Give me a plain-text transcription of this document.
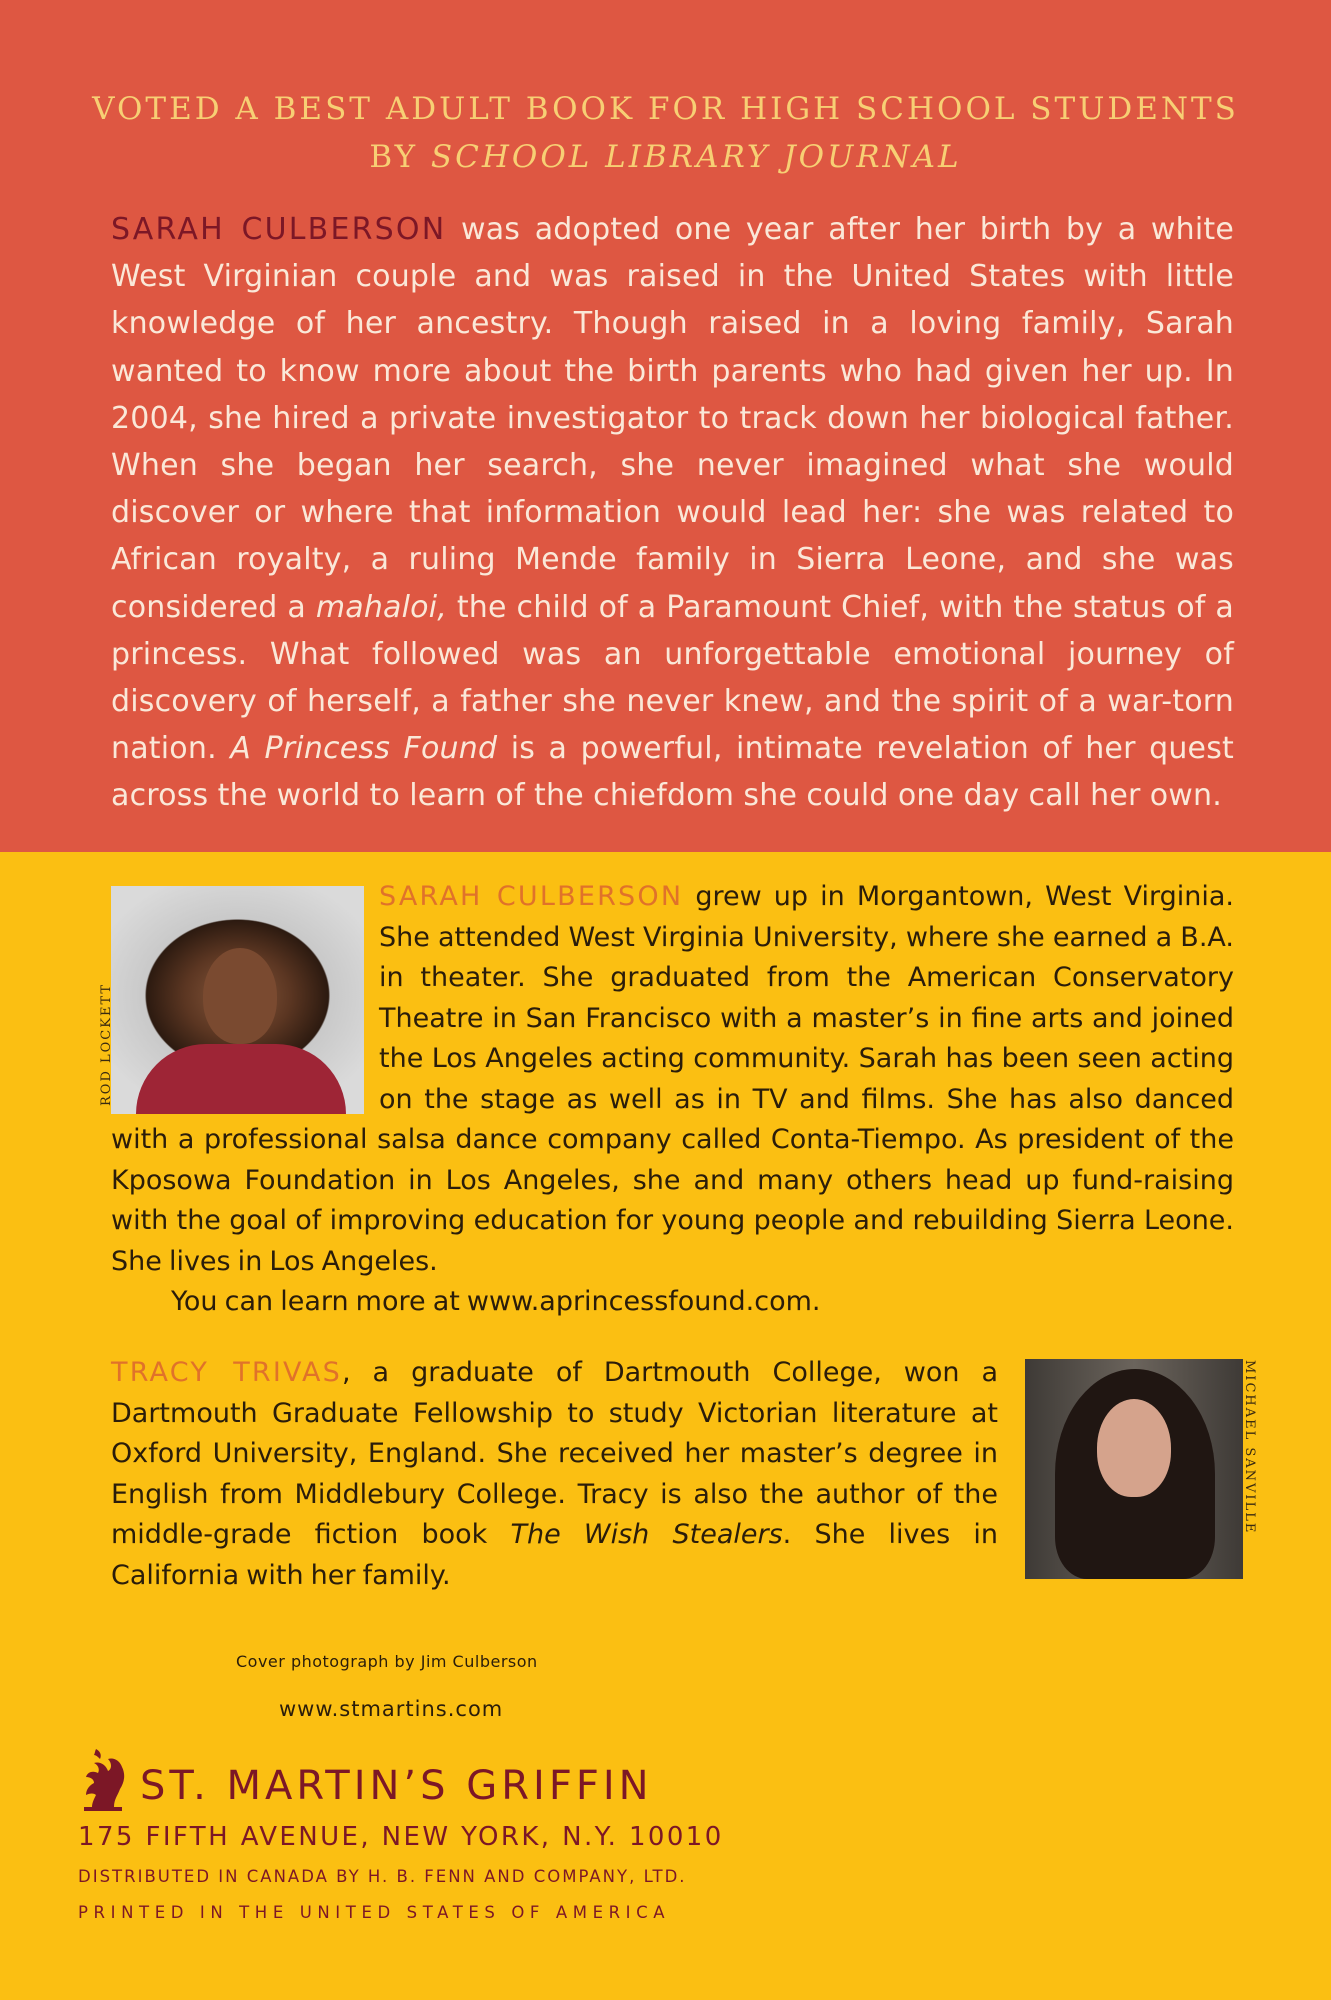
VOTED A BEST ADULT BOOK FOR HIGH SCHOOL STUDENTS
BY SCHOOL LIBRARY JOURNAL
SARAH CULBERSON was adopted one year after her birth by a white West Virginian couple and was raised in the United States with little knowledge of her ancestry. Though raised in a loving family, Sarah wanted to know more about the birth parents who had given her up. In 2004, she hired a private investigator to track down her biological father. When she began her search, she never imagined what she would discover or where that information would lead her: she was related to African royalty, a ruling Mende family in Sierra Leone, and she was considered a mahaloi, the child of a Paramount Chief, with the status of a princess. What followed was an unforgettable emotional journey of discovery of herself, a father she never knew, and the spirit of a war-torn nation. A Princess Found is a powerful, intimate revelation of her quest across the world to learn of the chiefdom she could one day call her own.
SARAH CULBERSON grew up in Morgantown, West Virginia. She attended West Virginia University, where she earned a B.A. in theater. She graduated from the American Conservatory Theatre in San Francisco with a master’s in fine arts and joined the Los Angeles acting community. Sarah has been seen acting on the stage as well as in TV and films. She has also danced with a professional salsa dance company called Conta-Tiempo. As president of the Kposowa Foundation in Los Angeles, she and many others head up fund-raising with the goal of improving education for young people and rebuilding Sierra Leone. She lives in Los Angeles.
You can learn more at www.aprincessfound.com.
ROD LOCKETT
TRACY TRIVAS, a graduate of Dartmouth College, won a Dartmouth Graduate Fellowship to study Victorian literature at Oxford University, England. She received her master’s degree in English from Middlebury College. Tracy is also the author of the middle-grade fiction book The Wish Stealers. She lives in California with her family.
MICHAEL SANVILLE
Cover photograph by Jim Culberson
www.stmartins.com
ST. MARTIN’S GRIFFIN
175 FIFTH AVENUE, NEW YORK, N.Y. 10010
DISTRIBUTED IN CANADA BY H. B. FENN AND COMPANY, LTD.
PRINTED IN THE UNITED STATES OF AMERICA
